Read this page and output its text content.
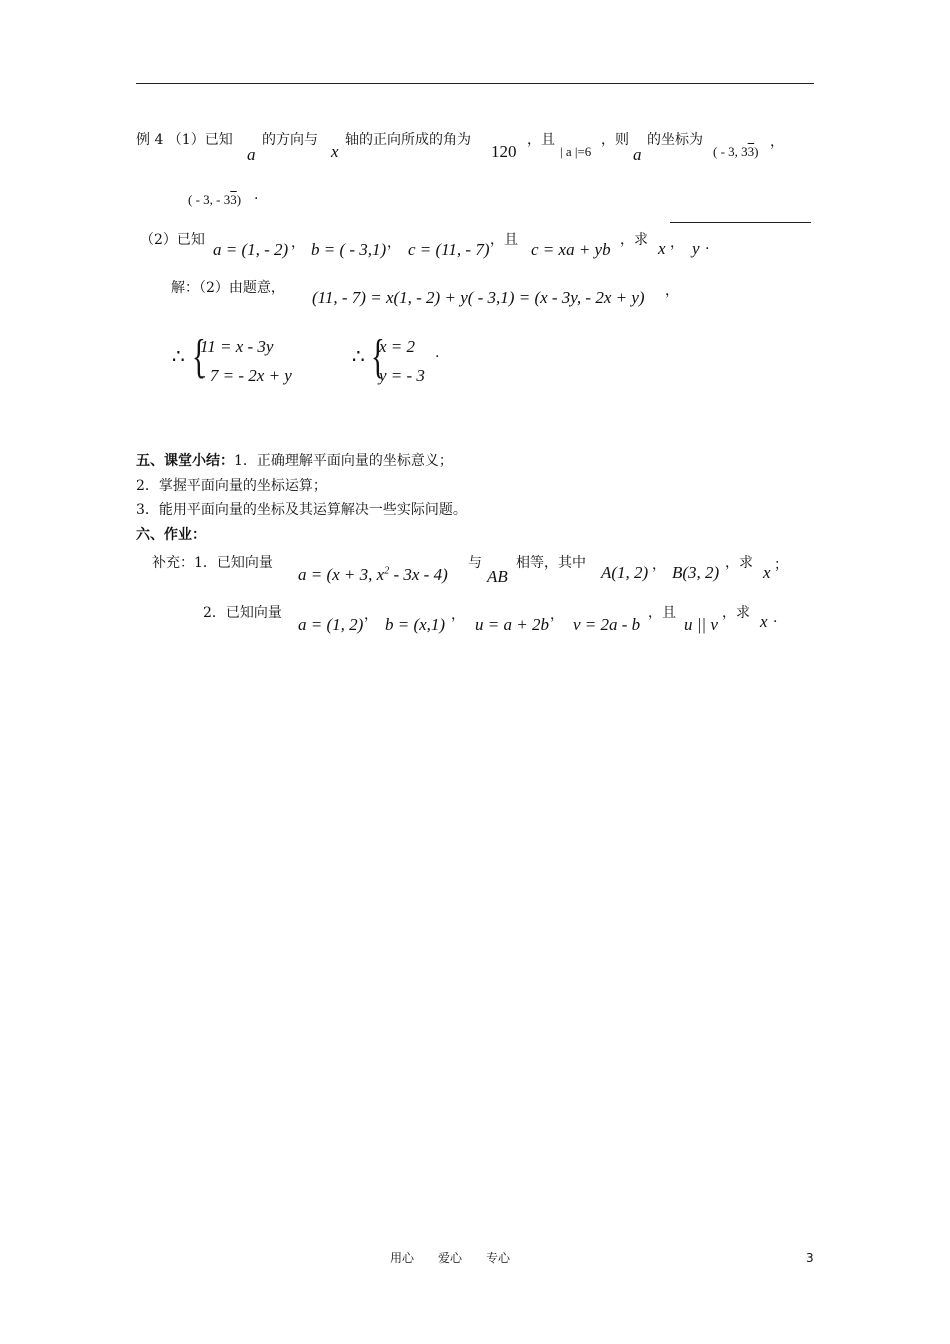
例 4 （1）已知
a
的方向与
x
轴的正向所成的角为
120
，且
| a |=6
，则
a
的坐标为
( - 3, 33)
，
( - 3, - 33) .
（2）已知 a = (1, - 2) ， b = ( - 3,1) ， c = (11, - 7) ，且 c = xa + yb ，求 x ， y .
解：（2）由题意， (11, - 7) = x(1, - 2) + y( - 3,1) = (x - 3y, - 2x + y) ，
∴ {
11 = x - 3y
- 7 = - 2x + y
∴ {
x = 2
y = - 3
.
五、课堂小结：1．正确理解平面向量的坐标意义；
2．掌握平面向量的坐标运算；
3．能用平面向量的坐标及其运算解决一些实际问题。
六、作业：
补充：1．已知向量
a = (x + 3, $x^2 - 3x - 4$)
与
AB
相等，其中 A(1, 2) ， B(3, 2) ，求 x ；
2．已知向量
a = (1, 2) ， b = (x,1) ， u = a + 2b ， v = 2a - b
，且
u || v
，求 x .
用心　　爱心　　专心	3
